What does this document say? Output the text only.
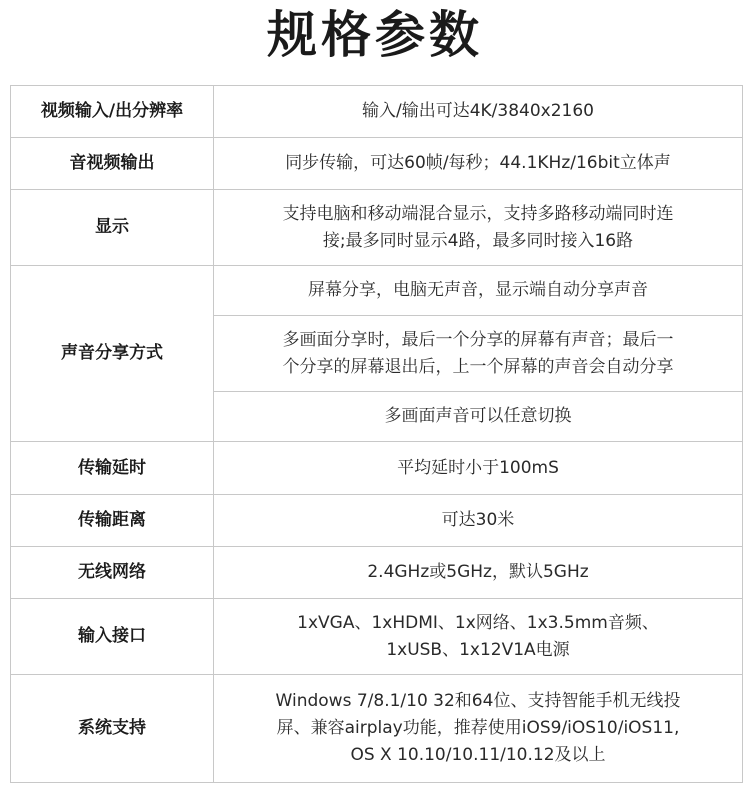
规格参数
视频输入/出分辨率	输入/输出可达4K/3840x2160

音视频输出	同步传输，可达60帧/每秒；44.1KHz/16bit立体声

显示	支持电脑和移动端混合显示，支持多路移动端同时连
接;最多同时显示4路，最多同时接入16路

声音分享方式	屏幕分享，电脑无声音，显示端自动分享声音

	多画面分享时，最后一个分享的屏幕有声音；最后一
个分享的屏幕退出后，上一个屏幕的声音会自动分享

	多画面声音可以任意切换

传输延时	平均延时小于100mS

传输距离	可达30米

无线网络	2.4GHz或5GHz，默认5GHz

输入接口	1xVGA、1xHDMI、1x网络、1x3.5mm音频、
1xUSB、1x12V1A电源

系统支持	Windows 7/8.1/10 32和64位、支持智能手机无线投
屏、兼容airplay功能，推荐使用iOS9/iOS10/iOS11,
OS X 10.10/10.11/10.12及以上
